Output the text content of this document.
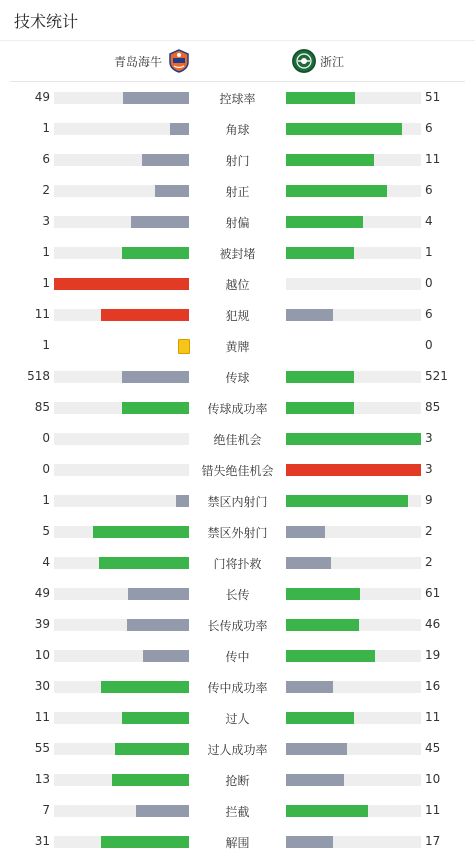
技术统计
青岛海牛	浙江
49	控球率	51
1	角球	6
6	射门	11
2	射正	6
3	射偏	4
1	被封堵	1
1	越位	0
11	犯规	6
1	黄牌	0
518	传球	521
85	传球成功率	85
0	绝佳机会	3
0	错失绝佳机会	3
1	禁区内射门	9
5	禁区外射门	2
4	门将扑救	2
49	长传	61
39	长传成功率	46
10	传中	19
30	传中成功率	16
11	过人	11
55	过人成功率	45
13	抢断	10
7	拦截	11
31	解围	17
